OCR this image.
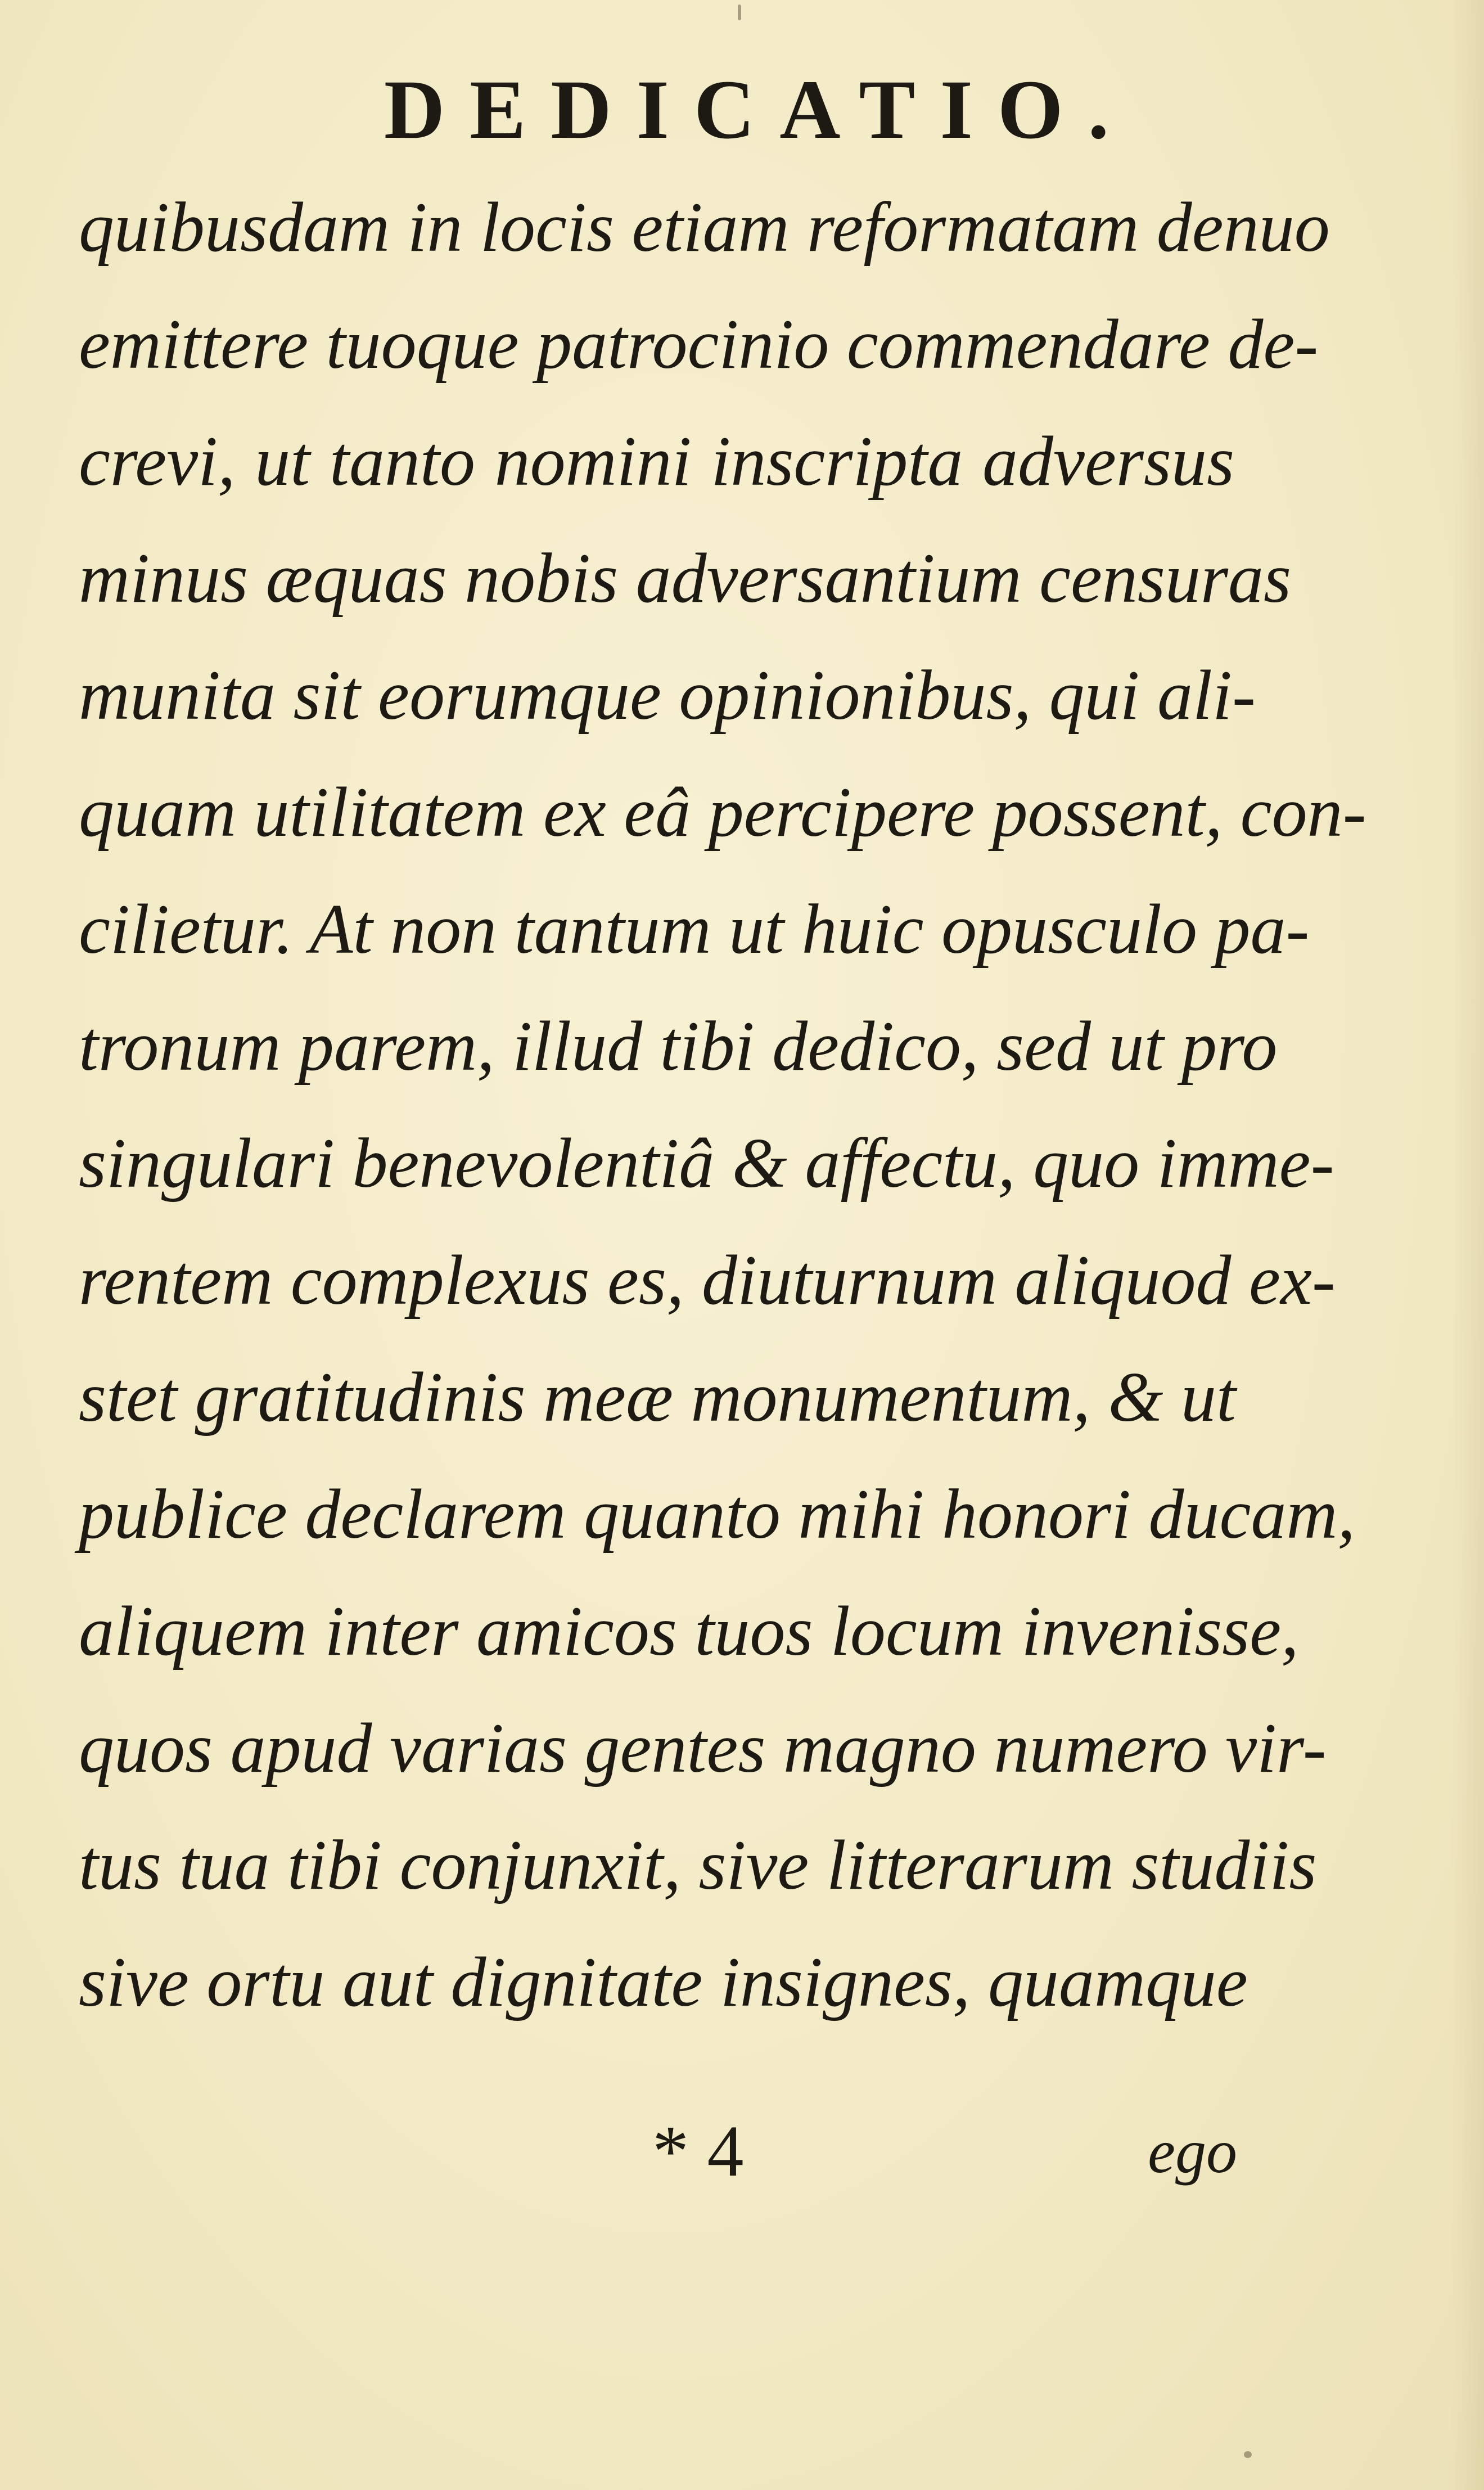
DEDICATIO.
quibusdam in locis etiam reformatam denuo
emittere tuoque patrocinio commendare de-
crevi, ut tanto nomini inscripta adversus
minus æquas nobis adversantium censuras
munita sit eorumque opinionibus, qui ali-
quam utilitatem ex eâ percipere possent, con-
cilietur. At non tantum ut huic opusculo pa-
tronum parem, illud tibi dedico, sed ut pro
singulari benevolentiâ & affectu, quo imme-
rentem complexus es, diuturnum aliquod ex-
stet gratitudinis meæ monumentum, & ut
publice declarem quanto mihi honori ducam,
aliquem inter amicos tuos locum invenisse,
quos apud varias gentes magno numero vir-
tus tua tibi conjunxit, sive litterarum studiis
sive ortu aut dignitate insignes, quamque
* 4	ego
